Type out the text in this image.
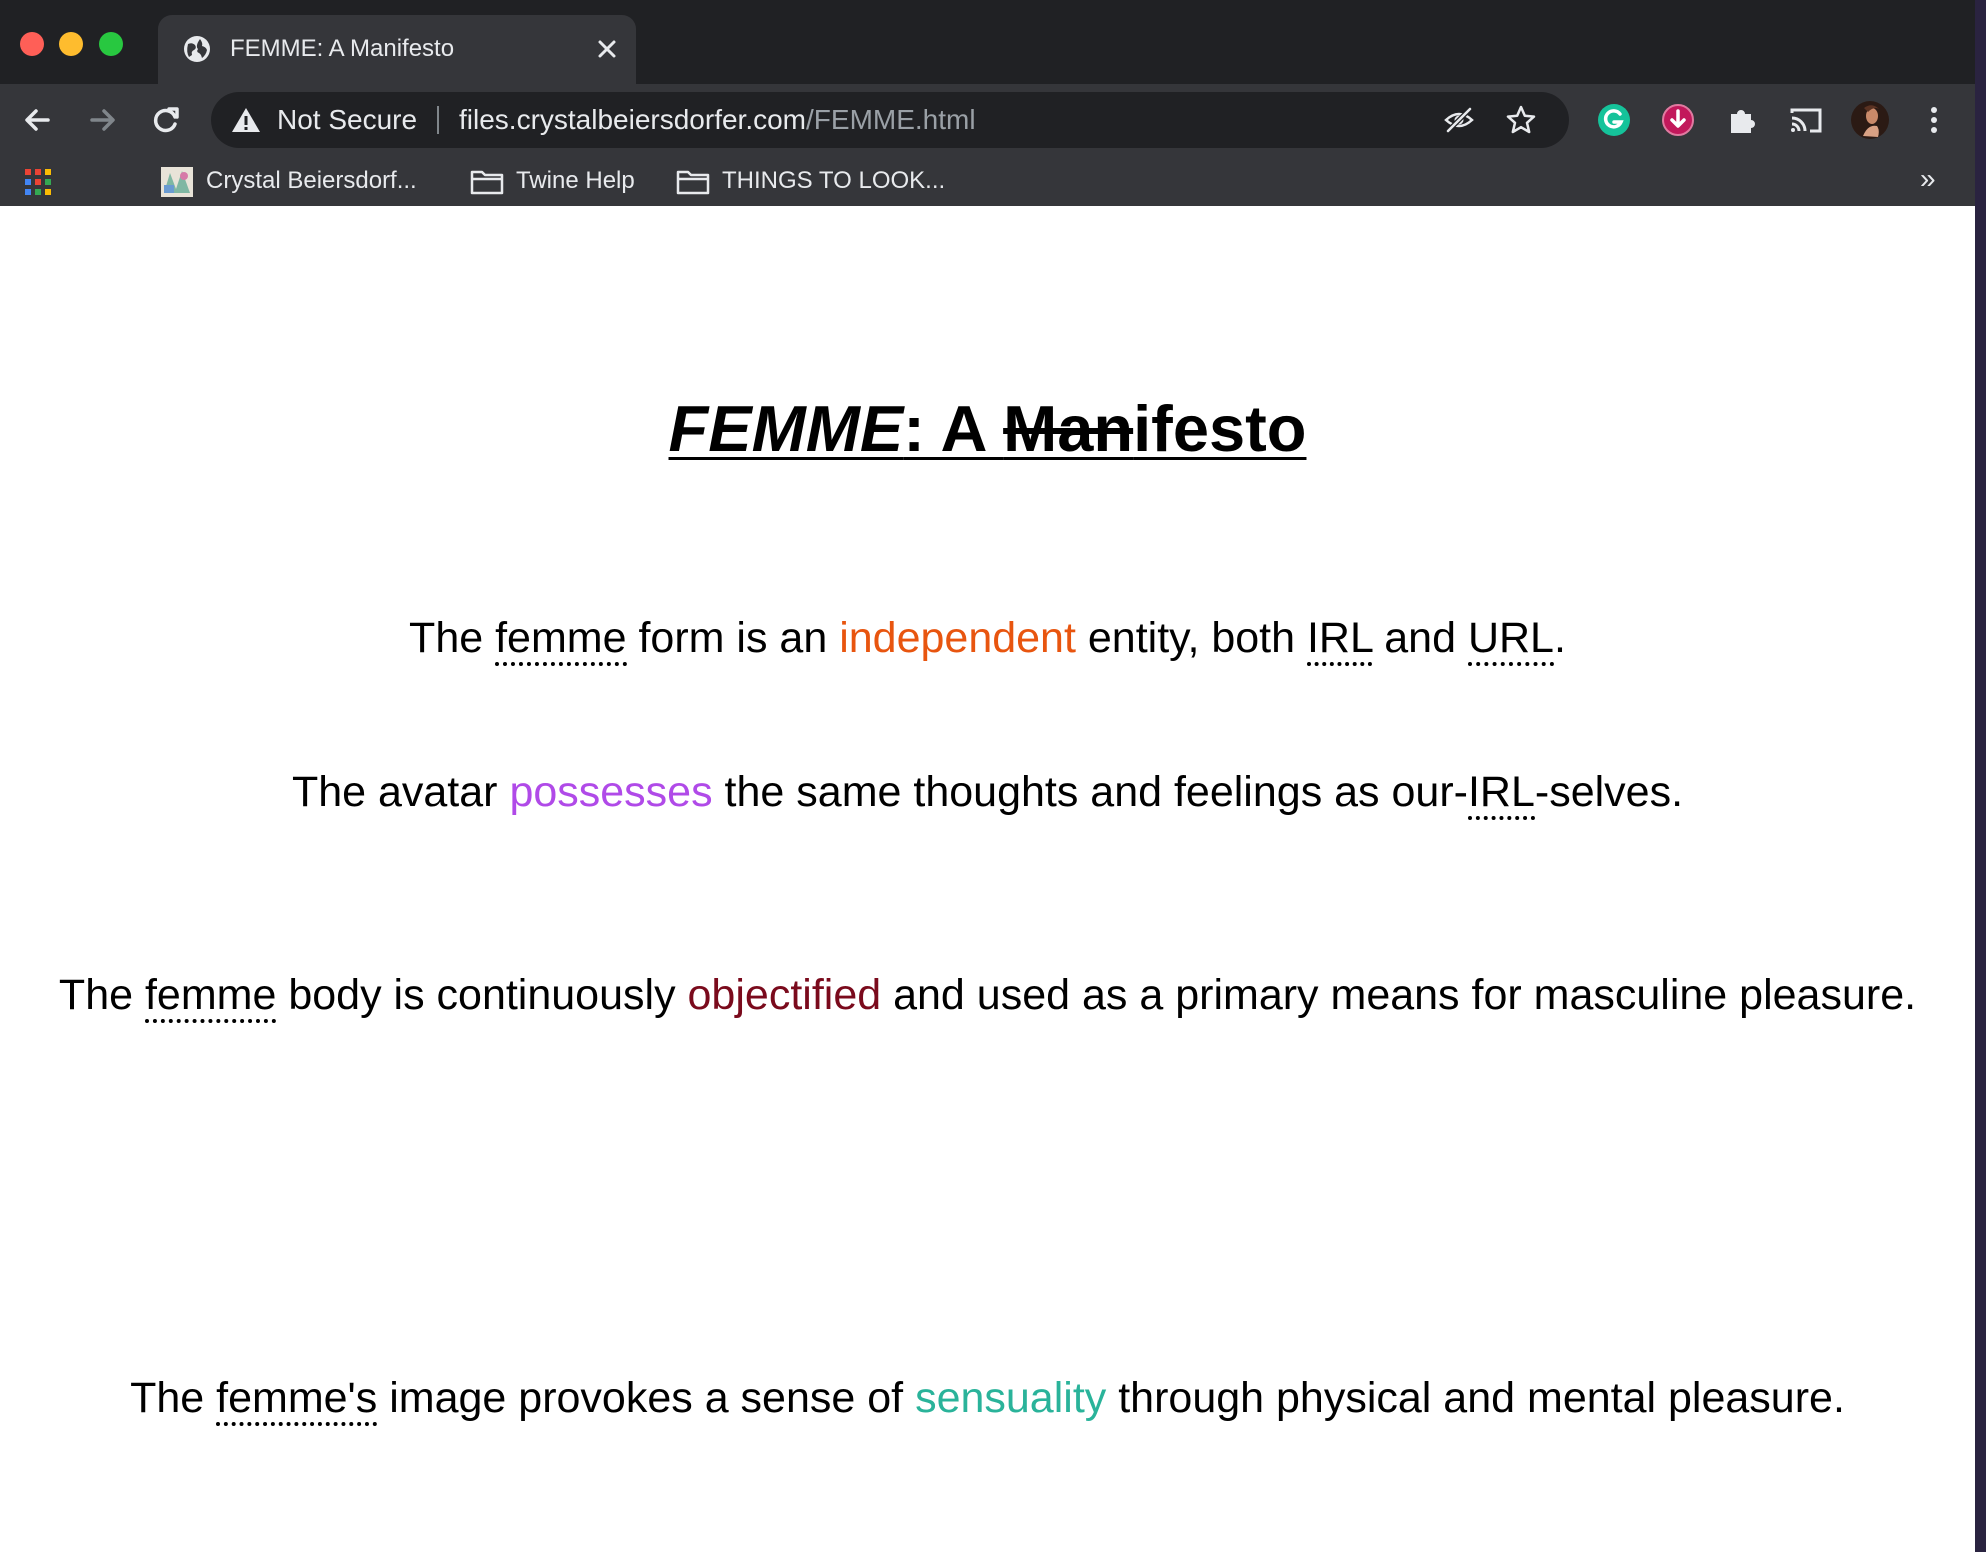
FEMME: A Manifesto
Not Secure files.crystalbeiersdorfer.com/FEMME.html
Crystal Beiersdorf...	Twine Help	THINGS TO LOOK...	»
FEMME: A Manifesto

The femme form is an independent entity, both IRL and URL.

The avatar possesses the same thoughts and feelings as our-IRL-selves.

The femme body is continuously objectified and used as a primary means for masculine pleasure.

The femme's image provokes a sense of sensuality through physical and mental pleasure.
